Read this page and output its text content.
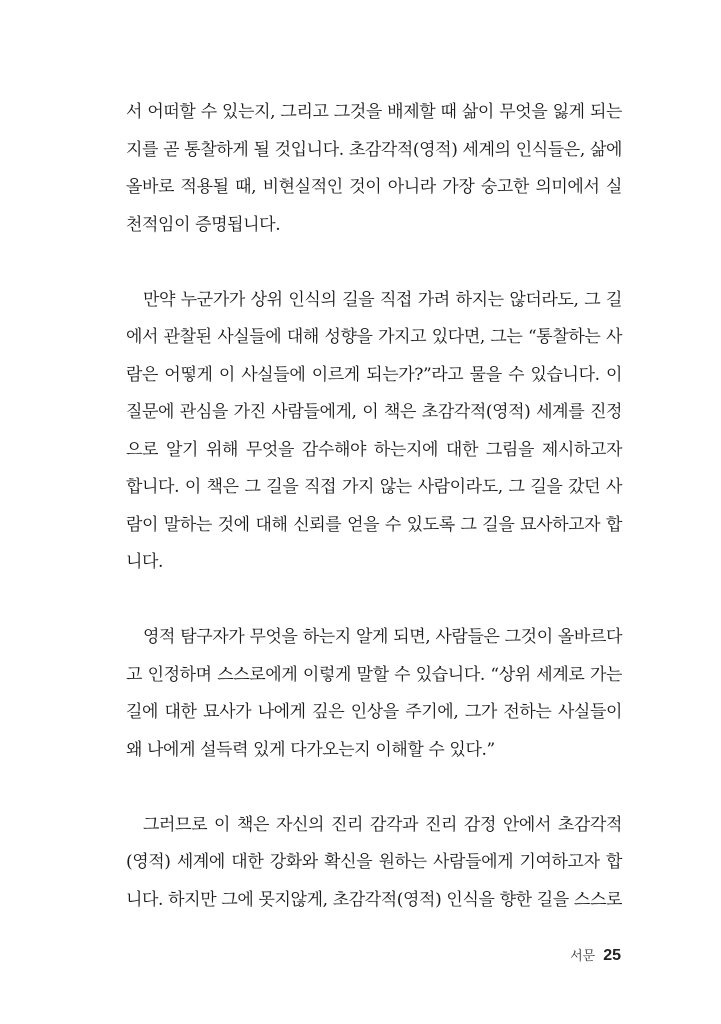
서 어떠할 수 있는지, 그리고 그것을 배제할 때 삶이 무엇을 잃게 되는
지를 곧 통찰하게 될 것입니다. 초감각적(영적) 세계의 인식들은, 삶에
올바로 적용될 때, 비현실적인 것이 아니라 가장 숭고한 의미에서 실
천적임이 증명됩니다.
만약 누군가가 상위 인식의 길을 직접 가려 하지는 않더라도, 그 길
에서 관찰된 사실들에 대해 성향을 가지고 있다면, 그는 “통찰하는 사
람은 어떻게 이 사실들에 이르게 되는가?”라고 물을 수 있습니다. 이
질문에 관심을 가진 사람들에게, 이 책은 초감각적(영적) 세계를 진정
으로 알기 위해 무엇을 감수해야 하는지에 대한 그림을 제시하고자
합니다. 이 책은 그 길을 직접 가지 않는 사람이라도, 그 길을 갔던 사
람이 말하는 것에 대해 신뢰를 얻을 수 있도록 그 길을 묘사하고자 합
니다.
영적 탐구자가 무엇을 하는지 알게 되면, 사람들은 그것이 올바르다
고 인정하며 스스로에게 이렇게 말할 수 있습니다. “상위 세계로 가는
길에 대한 묘사가 나에게 깊은 인상을 주기에, 그가 전하는 사실들이
왜 나에게 설득력 있게 다가오는지 이해할 수 있다.”
그러므로 이 책은 자신의 진리 감각과 진리 감정 안에서 초감각적
(영적) 세계에 대한 강화와 확신을 원하는 사람들에게 기여하고자 합
니다. 하지만 그에 못지않게, 초감각적(영적) 인식을 향한 길을 스스로
서문 25
